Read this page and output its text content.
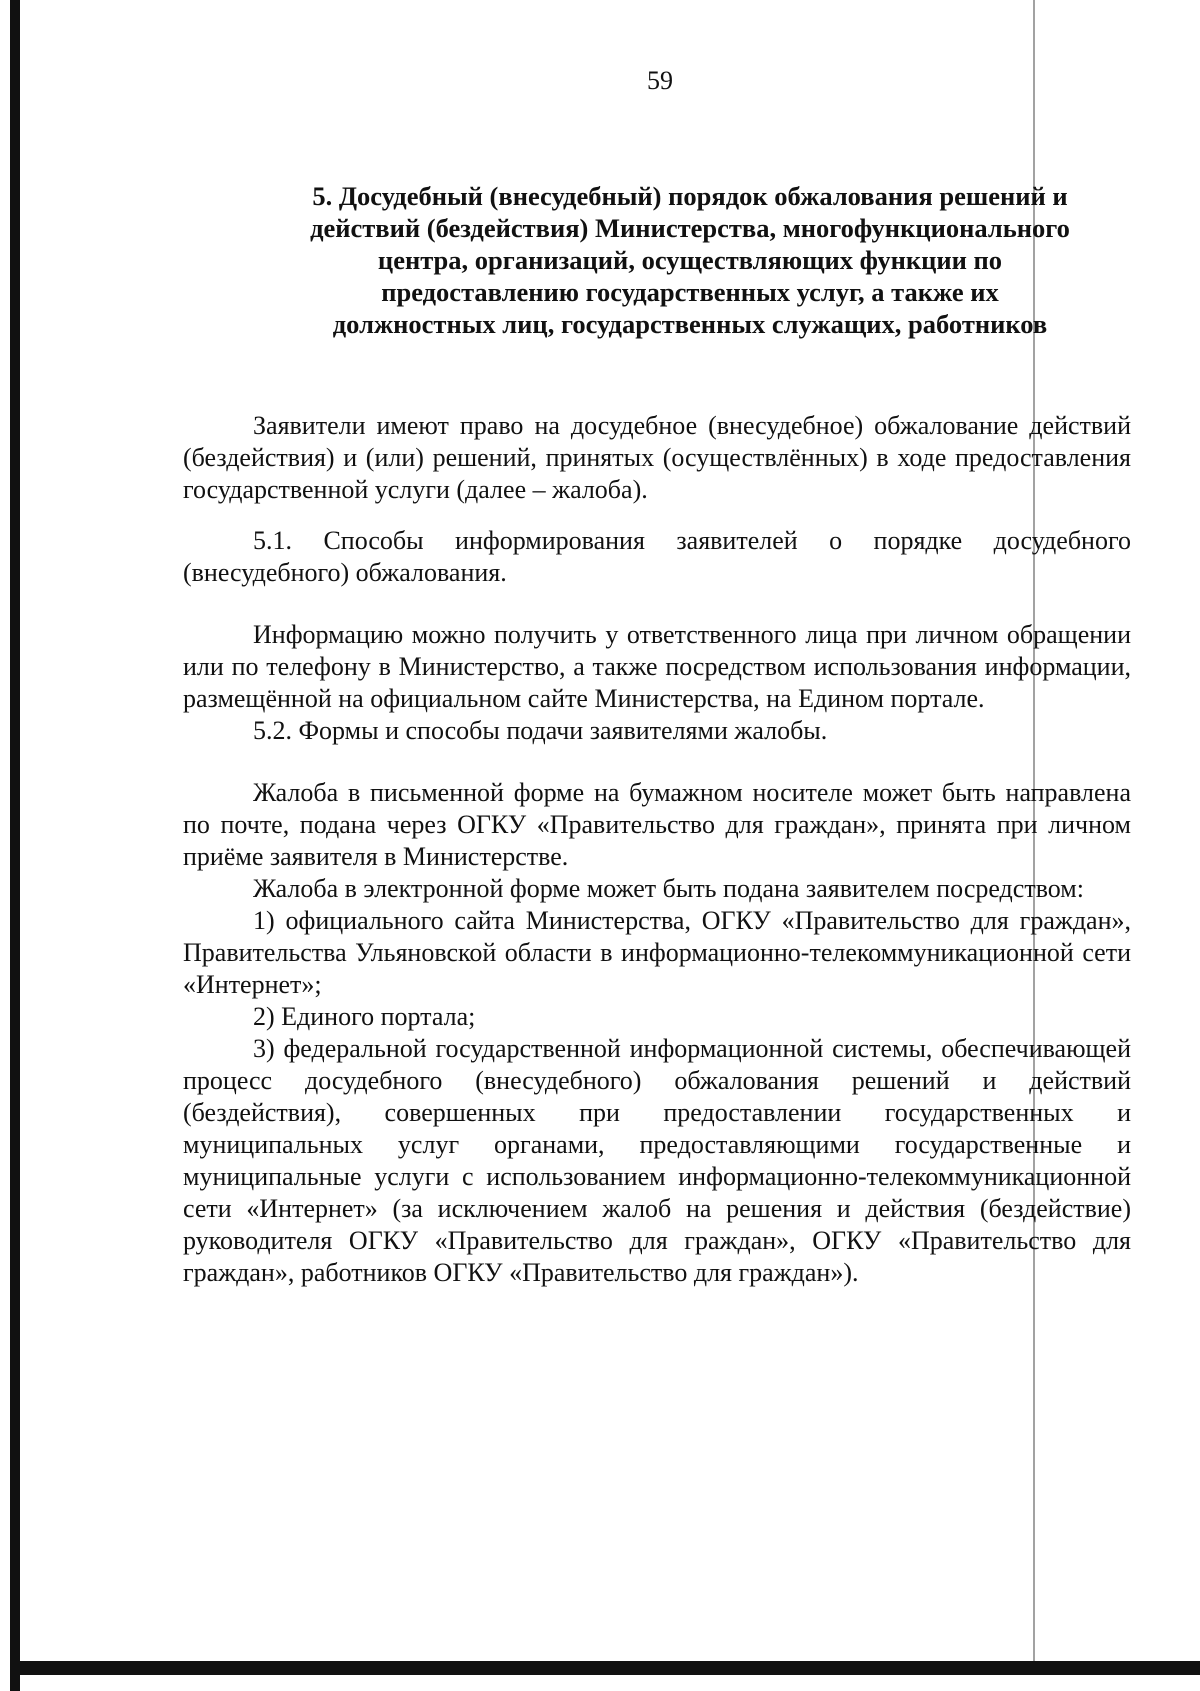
59
5. Досудебный (внесудебный) порядок обжалования решений и
действий (бездействия) Министерства, многофункционального
центра, организаций, осуществляющих функции по
предоставлению государственных услуг, а также их
должностных лиц, государственных служащих, работников

Заявители имеют право на досудебное (внесудебное) обжалование действий (бездействия) и (или) решений, принятых (осуществлённых) в ходе предоставления государственной услуги (далее – жалоба).

5.1. Способы информирования заявителей о порядке досудебного (внесудебного) обжалования.

Информацию можно получить у ответственного лица при личном обращении или по телефону в Министерство, а также посредством использования информации, размещённой на официальном сайте Министерства, на Едином портале.

5.2. Формы и способы подачи заявителями жалобы.

Жалоба в письменной форме на бумажном носителе может быть направлена по почте, подана через ОГКУ «Правительство для граждан», принята при личном приёме заявителя в Министерстве.

Жалоба в электронной форме может быть подана заявителем посредством:

1) официального сайта Министерства, ОГКУ «Правительство для граждан», Правительства Ульяновской области в информационно-телекоммуникационной сети «Интернет»;

2) Единого портала;

3) федеральной государственной информационной системы, обеспечивающей процесс досудебного (внесудебного) обжалования решений и действий (бездействия), совершенных при предоставлении государственных и муниципальных услуг органами, предоставляющими государственные и муниципальные услуги с использованием информационно-телекоммуникационной сети «Интернет» (за исключением жалоб на решения и действия (бездействие) руководителя ОГКУ «Правительство для граждан», ОГКУ «Правительство для граждан», работников ОГКУ «Правительство для граждан»).
